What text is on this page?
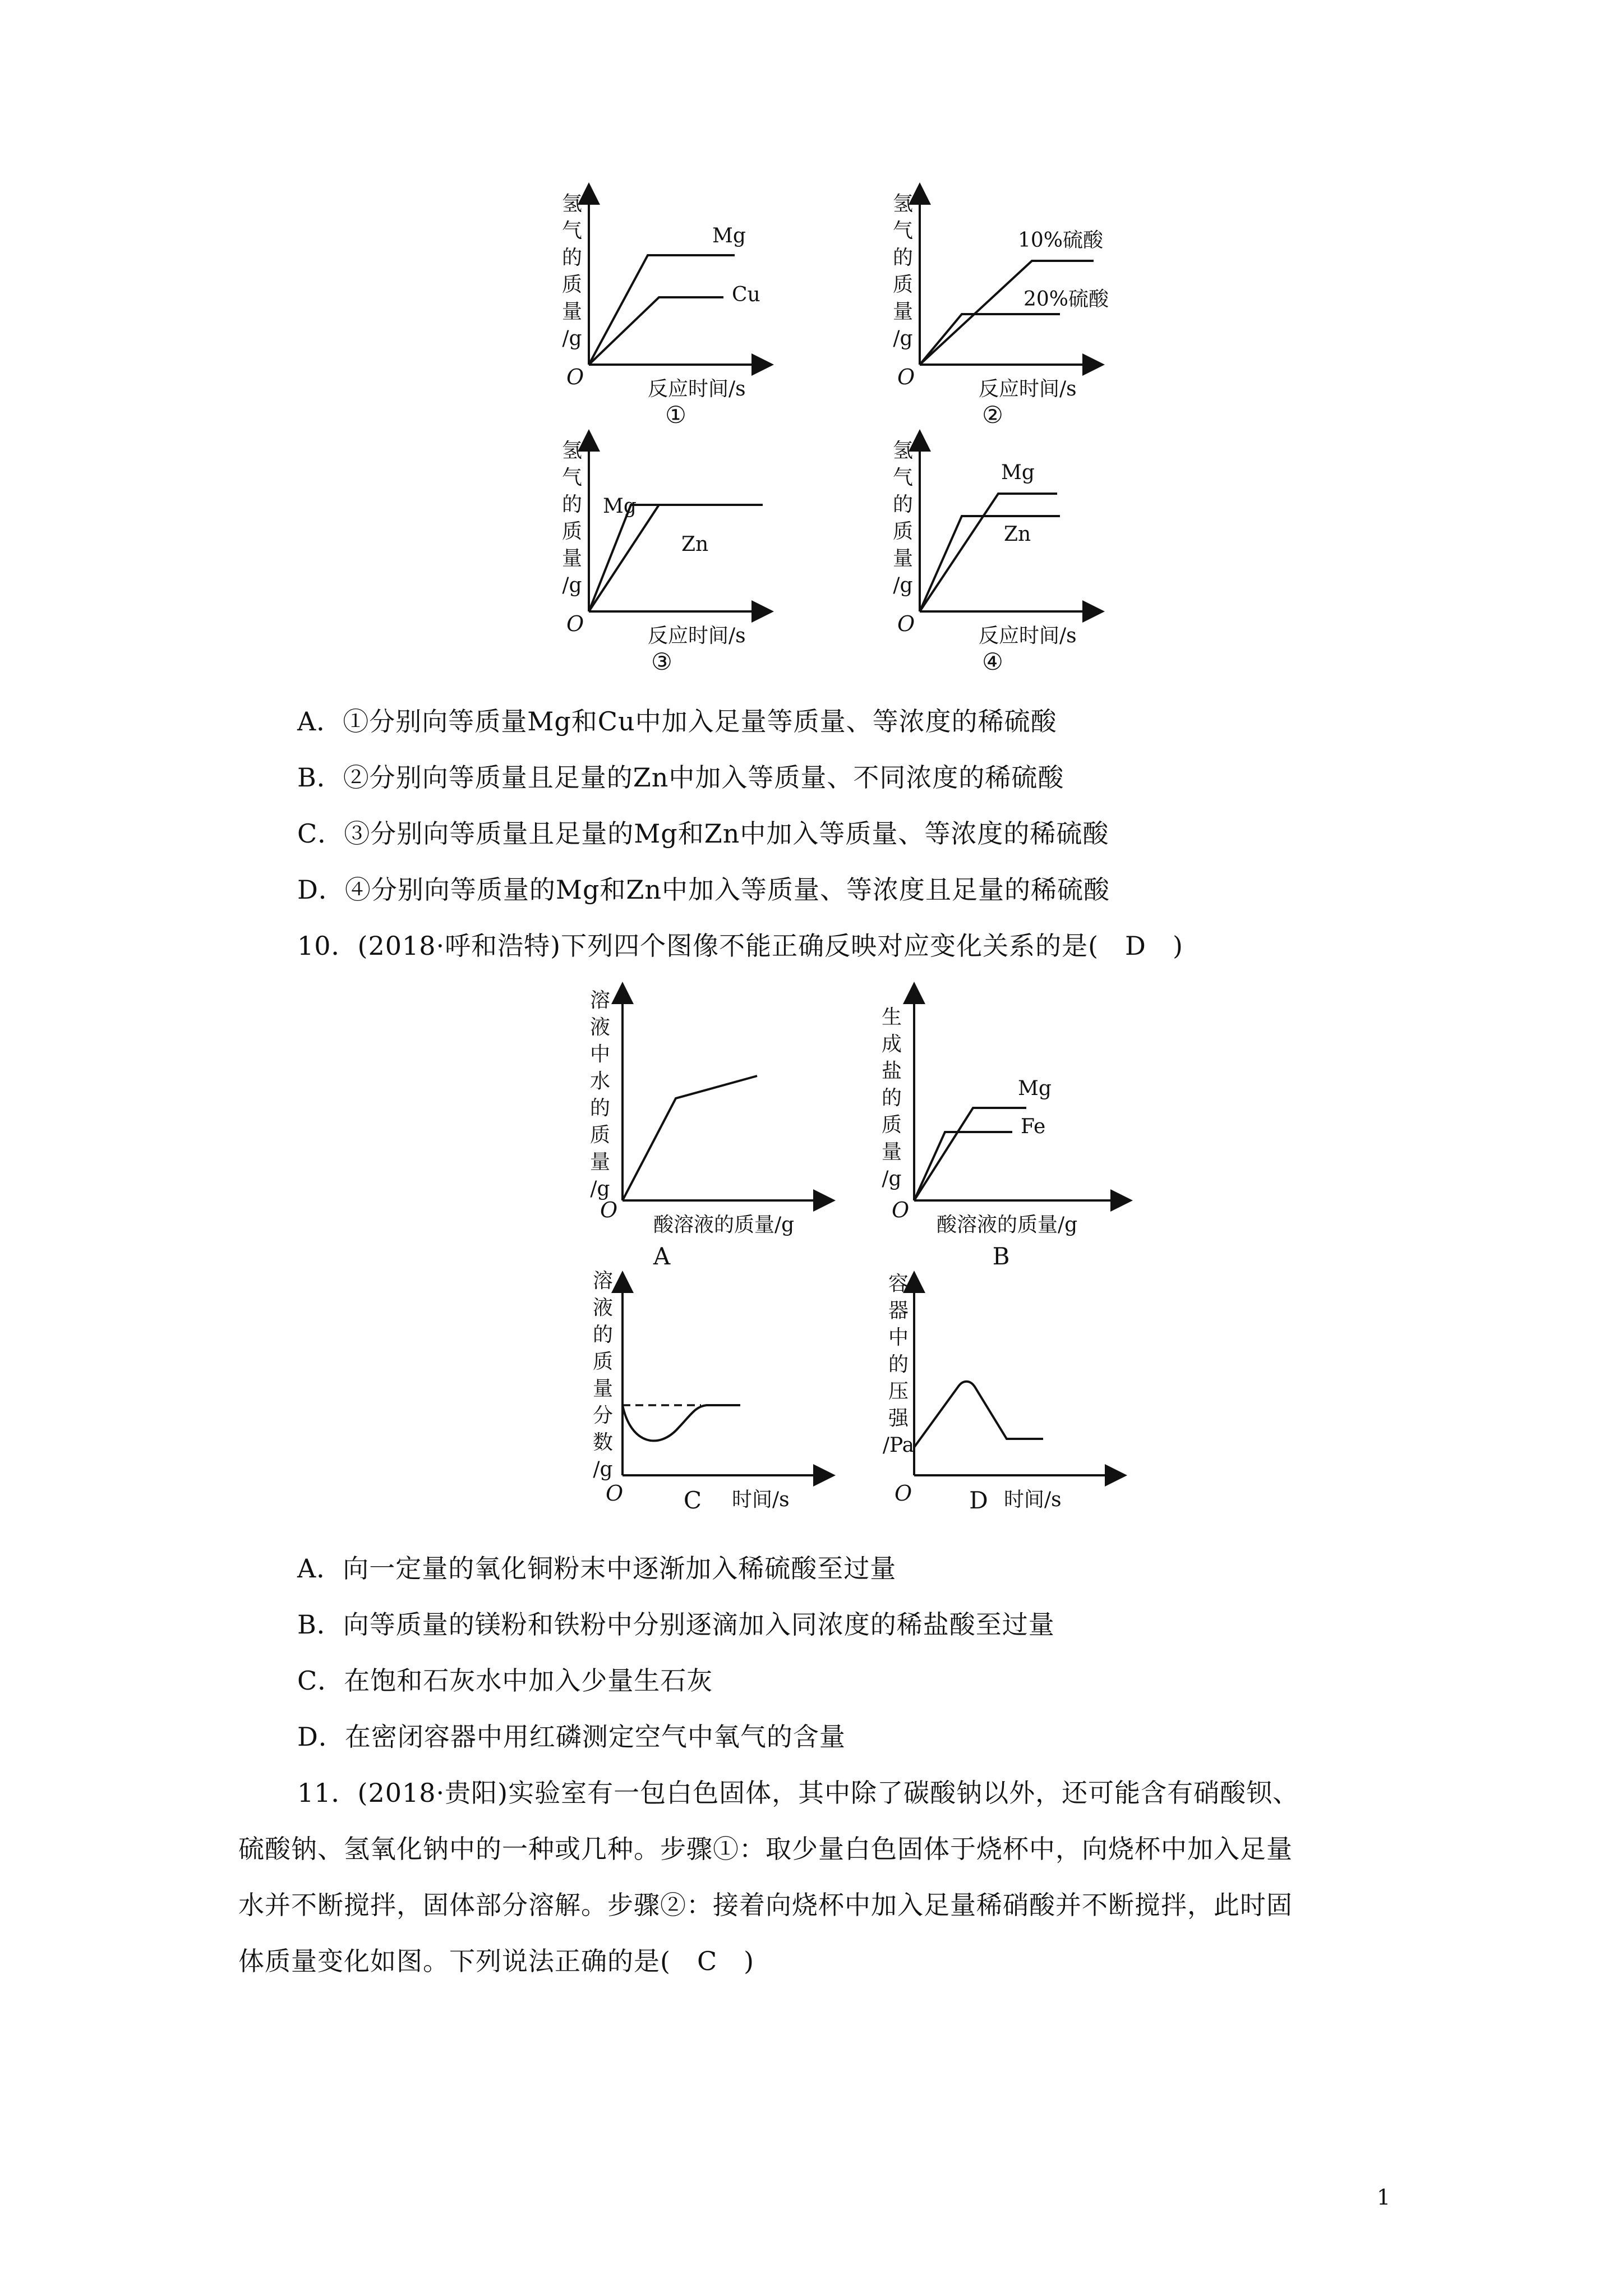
氢
气
的
质
量
/g
O	反应时间/s
Mg
Cu
①
氢
气
的
质
量
/g
O	反应时间/s
10%硫酸
20%硫酸
②
氢
气
的
质
量
/g
O	反应时间/s
Mg
Zn
③
氢
气
的
质
量
/g
O	反应时间/s
Mg
Zn
④
A．①分别向等质量Mg和Cu中加入足量等质量、等浓度的稀硫酸
B．②分别向等质量且足量的Zn中加入等质量、不同浓度的稀硫酸
C．③分别向等质量且足量的Mg和Zn中加入等质量、等浓度的稀硫酸
D．④分别向等质量的Mg和Zn中加入等质量、等浓度且足量的稀硫酸
10．(2018·呼和浩特)下列四个图像不能正确反映对应变化关系的是(　D　)
溶
液
中
水
的
质
量
/g
O
酸溶液的质量/g
A
生
成
盐
的
质
量
/g
O
酸溶液的质量/g
Mg
Fe
B
溶
液
的
质
量
分
数
/g
O	C	时间/s
容
器
中
的
压
强
/Pa
O	D 时间/s
A．向一定量的氧化铜粉末中逐渐加入稀硫酸至过量
B．向等质量的镁粉和铁粉中分别逐滴加入同浓度的稀盐酸至过量
C．在饱和石灰水中加入少量生石灰
D．在密闭容器中用红磷测定空气中氧气的含量
11．(2018·贵阳)实验室有一包白色固体，其中除了碳酸钠以外，还可能含有硝酸钡、
硫酸钠、氢氧化钠中的一种或几种。步骤①：取少量白色固体于烧杯中，向烧杯中加入足量
水并不断搅拌，固体部分溶解。步骤②：接着向烧杯中加入足量稀硝酸并不断搅拌，此时固
体质量变化如图。下列说法正确的是(　C　)
1
